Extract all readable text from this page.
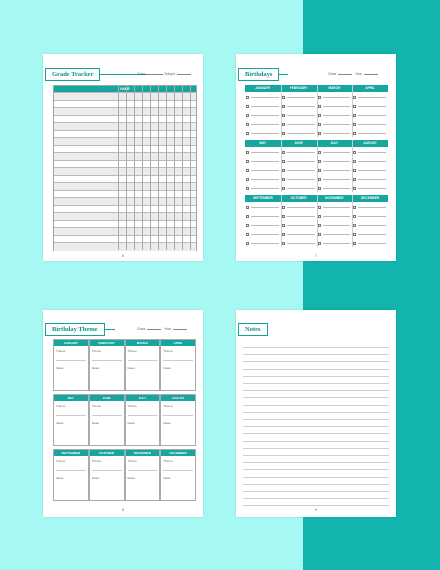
Grade Tracker	Class	Subject
NAME
6
Birthdays	Class	Year
JANUARY	FEBRUARY	MARCH	APRIL
MAY	JUNE	JULY	AUGUST
SEPTEMBER	OCTOBER	NOVEMBER	DECEMBER
7
Birthday Theme	Class	Year
JANUARY
Theme
Ideas
FEBRUARY
Theme
Ideas
MARCH
Theme
Ideas
APRIL
Theme
Ideas
MAY
Theme
Ideas
JUNE
Theme
Ideas
JULY
Theme
Ideas
AUGUST
Theme
Ideas
SEPTEMBER
Theme
Ideas
OCTOBER
Theme
Ideas
NOVEMBER
Theme
Ideas
DECEMBER
Theme
Ideas
8
Notes
9
